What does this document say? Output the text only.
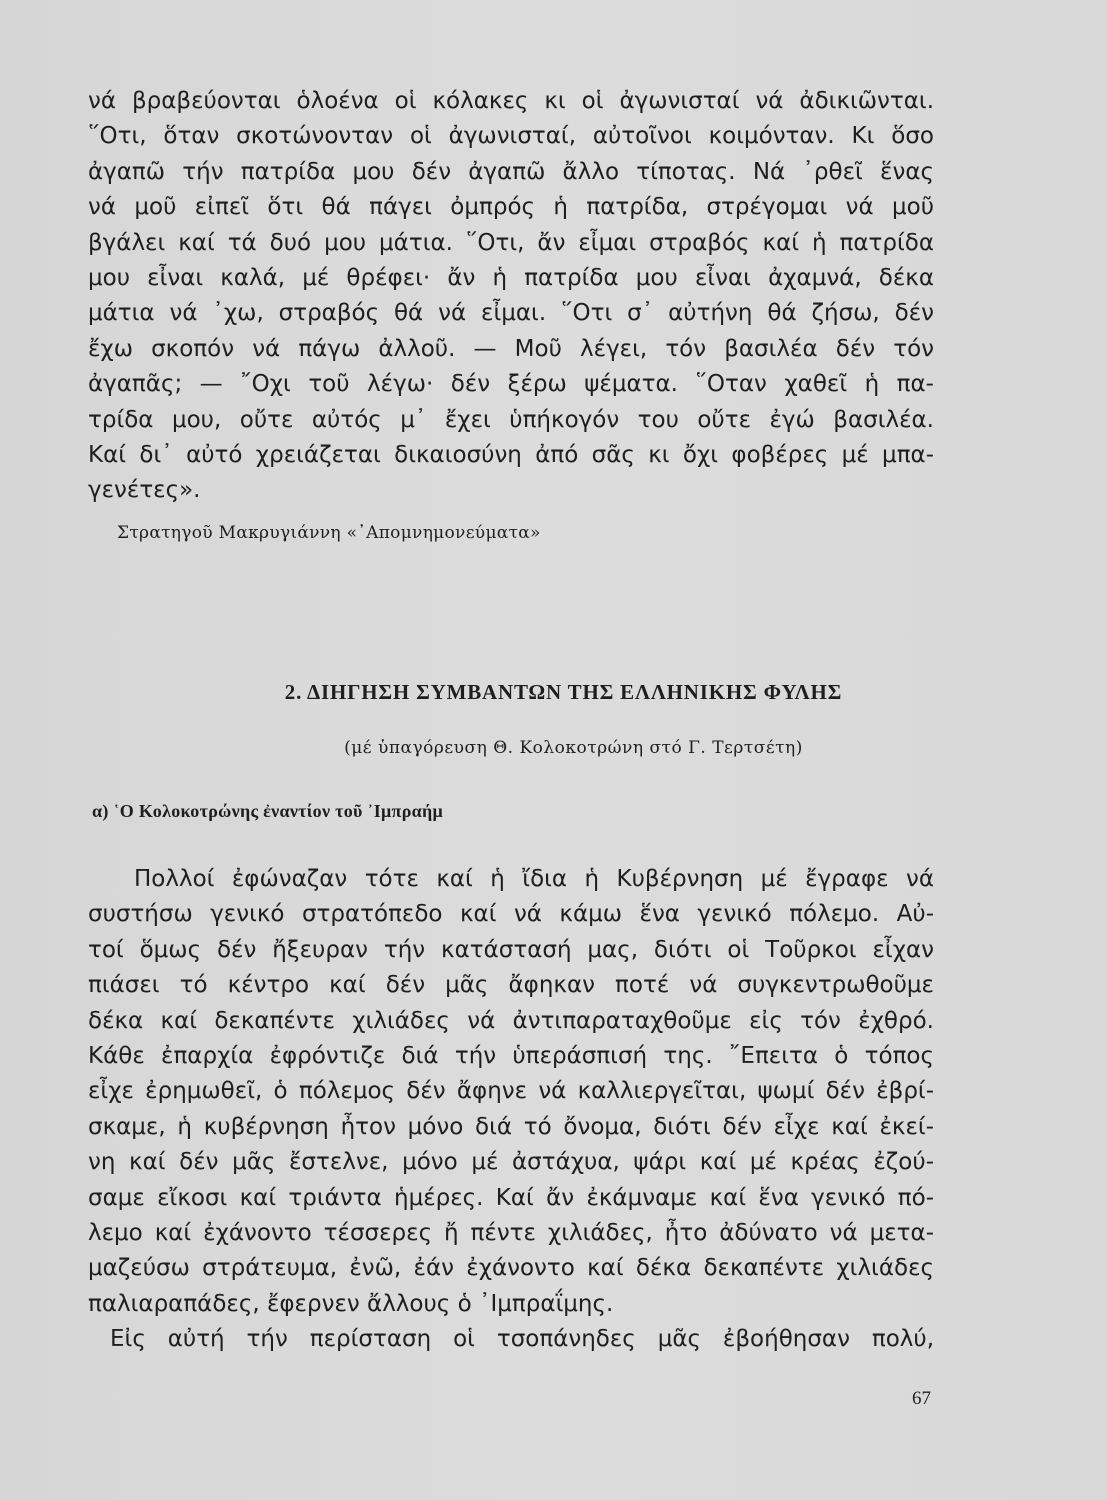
νά βραβεύονται ὁλοένα οἱ κόλακες κι οἱ ἀγωνισταί νά ἀδικιῶνται.
῞Οτι, ὅταν σκοτώνονταν οἱ ἀγωνισταί, αὐτοῖνοι κοιμόνταν. Κι ὅσο
ἀγαπῶ τήν πατρίδα μου δέν ἀγαπῶ ἄλλο τίποτας. Νά ᾿ρθεῖ ἕνας
νά μοῦ εἰπεῖ ὅτι θά πάγει ὀμπρός ἡ πατρίδα, στρέγομαι νά μοῦ
βγάλει καί τά δυό μου μάτια. ῞Οτι, ἄν εἶμαι στραβός καί ἡ πατρίδα
μου εἶναι καλά, μέ θρέφει· ἄν ἡ πατρίδα μου εἶναι ἀχαμνά, δέκα
μάτια νά ᾿χω, στραβός θά νά εἶμαι. ῞Οτι σ᾿ αὐτήνη θά ζήσω, δέν
ἔχω σκοπόν νά πάγω ἀλλοῦ. — Μοῦ λέγει, τόν βασιλέα δέν τόν
ἀγαπᾶς; — ῎Οχι τοῦ λέγω· δέν ξέρω ψέματα. ῞Οταν χαθεῖ ἡ πα-
τρίδα μου, οὔτε αὐτός μ᾿ ἔχει ὑπήκογόν του οὔτε ἐγώ βασιλέα.
Καί δι᾿ αὐτό χρειάζεται δικαιοσύνη ἀπό σᾶς κι ὄχι φοβέρες μέ μπα-
γενέτες».
Στρατηγοῦ Μακρυγιάννη «᾿Απομνημονεύματα»
2. ΔΙΗΓΗΣΗ ΣΥΜΒΑΝΤΩΝ ΤΗΣ ΕΛΛΗΝΙΚΗΣ ΦΥΛΗΣ
(μέ ὑπαγόρευση Θ. Κολοκοτρώνη στό Γ. Τερτσέτη)
α) ῾Ο Κολοκοτρώνης ἐναντίον τοῦ ᾿Ιμπραήμ
Πολλοί ἐφώναζαν τότε καί ἡ ἴδια ἡ Κυβέρνηση μέ ἔγραφε νά
συστήσω γενικό στρατόπεδο καί νά κάμω ἕνα γενικό πόλεμο. Αὐ-
τοί ὅμως δέν ἤξευραν τήν κατάστασή μας, διότι οἱ Τοῦρκοι εἶχαν
πιάσει τό κέντρο καί δέν μᾶς ἄφηκαν ποτέ νά συγκεντρωθοῦμε
δέκα καί δεκαπέντε χιλιάδες νά ἀντιπαραταχθοῦμε εἰς τόν ἐχθρό.
Κάθε ἐπαρχία ἐφρόντιζε διά τήν ὑπεράσπισή της. ῎Επειτα ὁ τόπος
εἶχε ἐρημωθεῖ, ὁ πόλεμος δέν ἄφηνε νά καλλιεργεῖται, ψωμί δέν ἐβρί-
σκαμε, ἡ κυβέρνηση ἦτον μόνο διά τό ὄνομα, διότι δέν εἶχε καί ἐκεί-
νη καί δέν μᾶς ἔστελνε, μόνο μέ ἀστάχυα, ψάρι καί μέ κρέας ἐζού-
σαμε εἴκοσι καί τριάντα ἡμέρες. Καί ἄν ἐκάμναμε καί ἕνα γενικό πό-
λεμο καί ἐχάνοντο τέσσερες ἤ πέντε χιλιάδες, ἦτο ἀδύνατο νά μετα-
μαζεύσω στράτευμα, ἐνῶ, ἐάν ἐχάνοντο καί δέκα δεκαπέντε χιλιάδες
παλιαραπάδες, ἔφερνεν ἄλλους ὁ ᾿Ιμπραΐμης.
Εἰς αὐτή τήν περίσταση οἱ τσοπάνηδες μᾶς ἐβοήθησαν πολύ,
67
